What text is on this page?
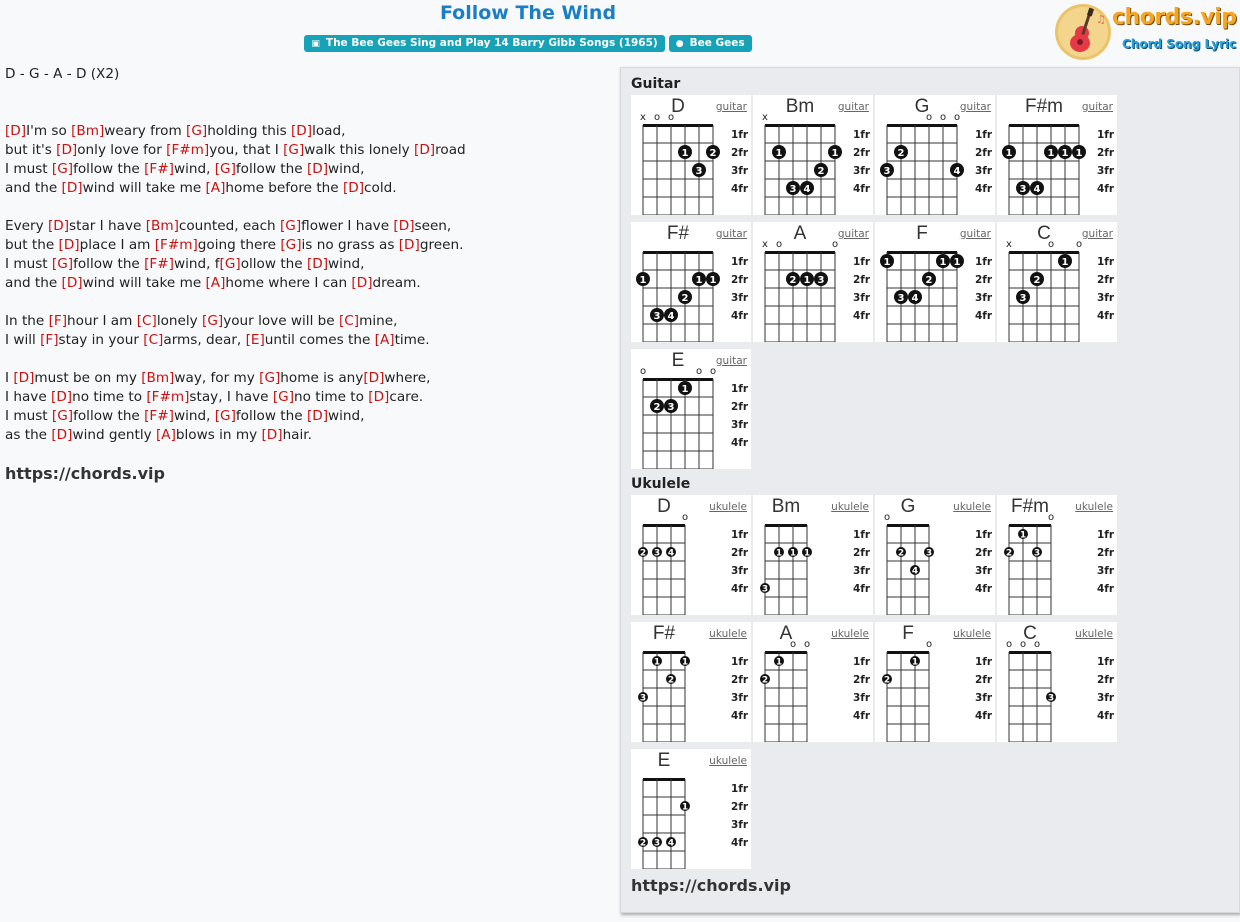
Follow The Wind
▣ The Bee Gees Sing and Play 14 Barry Gibb Songs (1965) ● Bee Gees
♫ chords.vip
Chord Song Lyric
D - G - A - D (X2)
[D]I'm so [Bm]weary from [G]holding this [D]load,
but it's [D]only love for [F#m]you, that I [G]walk this lonely [D]road
I must [G]follow the [F#]wind, [G]follow the [D]wind,
and the [D]wind will take me [A]home before the [D]cold.
Every [D]star I have [Bm]counted, each [G]flower I have [D]seen,
but the [D]place I am [F#m]going there [G]is no grass as [D]green.
I must [G]follow the [F#]wind, f[G]ollow the [D]wind,
and the [D]wind will take me [A]home where I can [D]dream.
In the [F]hour I am [C]lonely [G]your love will be [C]mine,
I will [F]stay in your [C]arms, dear, [E]until comes the [A]time.
I [D]must be on my [Bm]way, for my [G]home is any[D]where,
I have [D]no time to [F#m]stay, I have [G]no time to [D]care.
I must [G]follow the [F#]wind, [G]follow the [D]wind,
as the [D]wind gently [A]blows in my [D]hair.
https://chords.vip
Guitar
1fr
2fr
3fr
4fr
x o o
1
3
2
D	guitar
1fr
2fr
3fr
4fr
x
1
3 4
2
1
Bm	guitar
1fr
2fr
3fr
4fr
o o o
3
2
4
G	guitar
1fr
2fr
3fr
4fr
1
3 4
1 1 1
F#m guitar
1fr
2fr
3fr
4fr
1
3 4
2
1 1
F#	guitar
1fr
2fr
3fr
4fr
x o	o
2 1 3
A	guitar
1fr
2fr
3fr
4fr
1
3 4
2
1 1
F	guitar
1fr
2fr
3fr
4fr
x	o o
3
2
1
C	guitar
1fr
2fr
3fr
4fr
o	o o
2 3
1
E	guitar
Ukulele
1fr
2fr
3fr
4fr
o
2 3 4
D	ukulele
1fr
2fr
3fr
4fr
3
1 1 1
Bm	ukulele
1fr
2fr
3fr
4fr
o
2
4
3
G	ukulele
1fr
2fr
3fr
4fr
o
2
1
3
F#m ukulele
1fr
2fr
3fr
4fr
3
1
2
1
F#	ukulele
1fr
2fr
3fr
4fr
o o
2
1
A	ukulele
1fr
2fr
3fr
4fr
o
2
1
F	ukulele
1fr
2fr
3fr
4fr
o o o
3
C	ukulele
1fr
2fr
3fr
4fr
2 3 4
1
E	ukulele
https://chords.vip
